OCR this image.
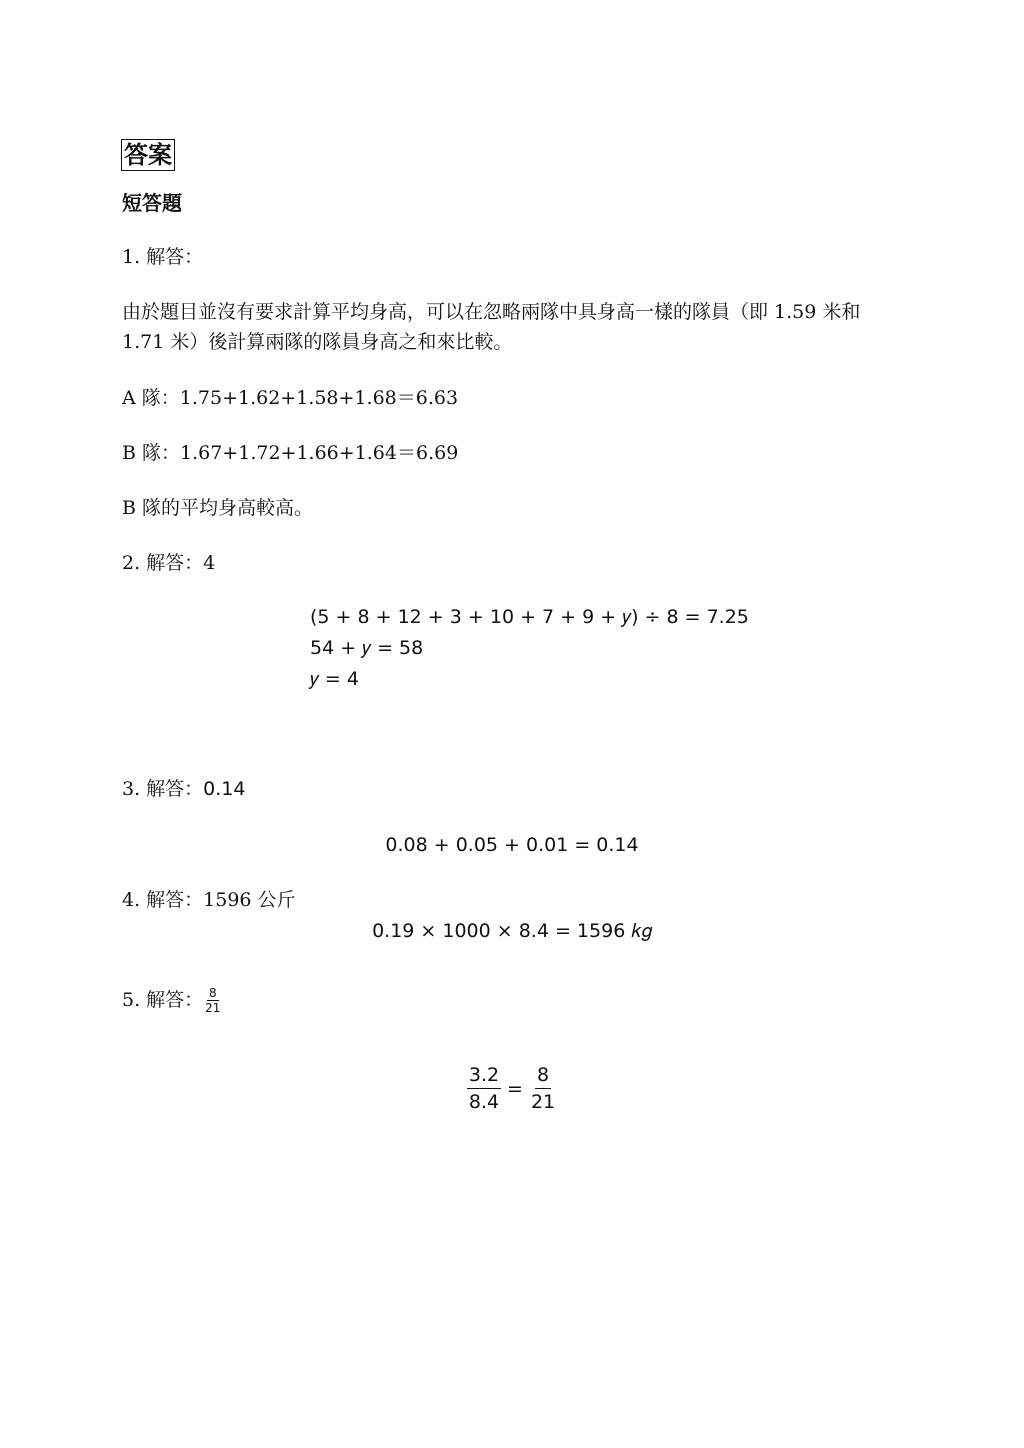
答案
短答題
1. 解答：
由於題目並沒有要求計算平均身高，可以在忽略兩隊中具身高一樣的隊員（即 1.59 米和
1.71 米）後計算兩隊的隊員身高之和來比較。
A 隊：1.75+1.62+1.58+1.68＝6.63
B 隊：1.67+1.72+1.66+1.64＝6.69
B 隊的平均身高較高。
2. 解答：4
(5 + 8 + 12 + 3 + 10 + 7 + 9 + 𝑦) ÷ 8 = 7.25
54 + 𝑦 = 58
𝑦 = 4
3. 解答：0.14
0.08 + 0.05 + 0.01 = 0.14
4. 解答：1596 公斤
0.19 × 1000 × 8.4 = 1596 𝑘𝑔
5. 解答： $\frac{8}{21}$
$\frac{3.2}{8.4} = \frac{8}{21}$
